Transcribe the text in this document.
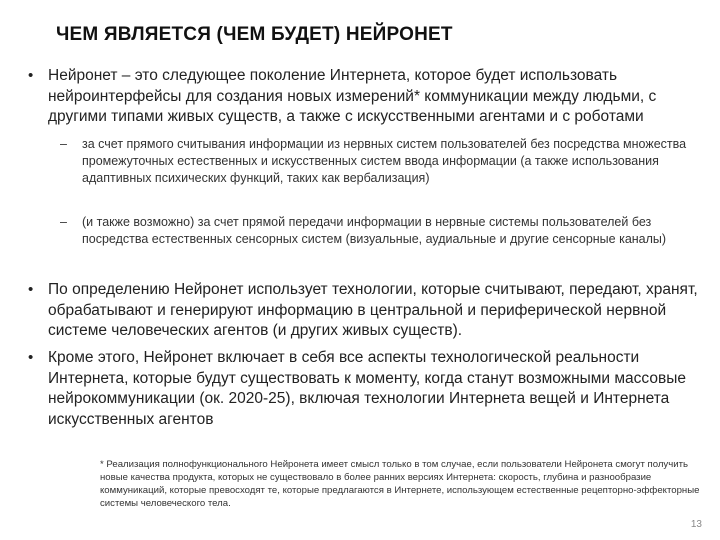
ЧЕМ ЯВЛЯЕТСЯ (ЧЕМ БУДЕТ) НЕЙРОНЕТ
• Нейронет – это следующее поколение Интернета, которое будет использовать нейроинтерфейсы для создания новых измерений* коммуникации между людьми, с другими типами живых существ, а также с искусственными агентами и с роботами
– за счет прямого считывания информации из нервных систем пользователей без посредства множества промежуточных естественных и искусственных систем ввода информации (а также использования адаптивных психических функций, таких как вербализация)
– (и также возможно) за счет прямой передачи информации в нервные системы пользователей без посредства естественных сенсорных систем (визуальные, аудиальные и другие сенсорные каналы)
• По определению Нейронет использует технологии, которые считывают, передают, хранят, обрабатывают и генерируют информацию в центральной и периферической нервной системе человеческих агентов (и других живых существ).
• Кроме этого, Нейронет включает в себя все аспекты технологической реальности Интернета, которые будут существовать к моменту, когда станут возможными массовые нейрокоммуникации (ок. 2020-25), включая технологии Интернета вещей и Интернета искусственных агентов
* Реализация полнофункционального Нейронета имеет смысл только в том случае, если пользователи Нейронета смогут получить новые качества продукта, которых не существовало в более ранних версиях Интернета: скорость, глубина и разнообразие коммуникаций, которые превосходят те, которые предлагаются в Интернете, использующем естественные рецепторно-эффекторные системы человеческого тела.
13
